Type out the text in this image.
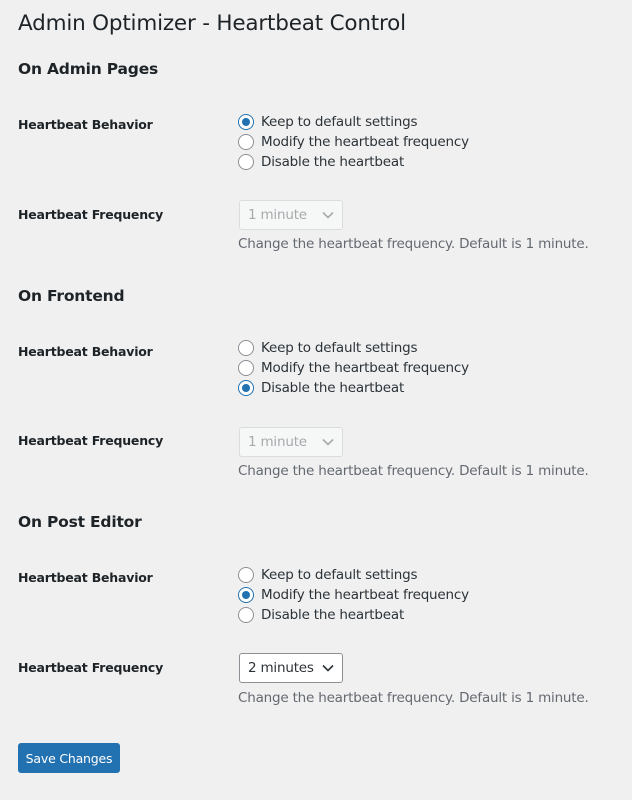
Admin Optimizer - Heartbeat Control
On Admin Pages
Heartbeat Behavior	Keep to default settings
Modify the heartbeat frequency
Disable the heartbeat
Heartbeat Frequency	1 minute
Change the heartbeat frequency. Default is 1 minute.
On Frontend
Heartbeat Behavior	Keep to default settings
Modify the heartbeat frequency
Disable the heartbeat
Heartbeat Frequency	1 minute
Change the heartbeat frequency. Default is 1 minute.
On Post Editor
Heartbeat Behavior	Keep to default settings
Modify the heartbeat frequency
Disable the heartbeat
Heartbeat Frequency	2 minutes
Change the heartbeat frequency. Default is 1 minute.
Save Changes
